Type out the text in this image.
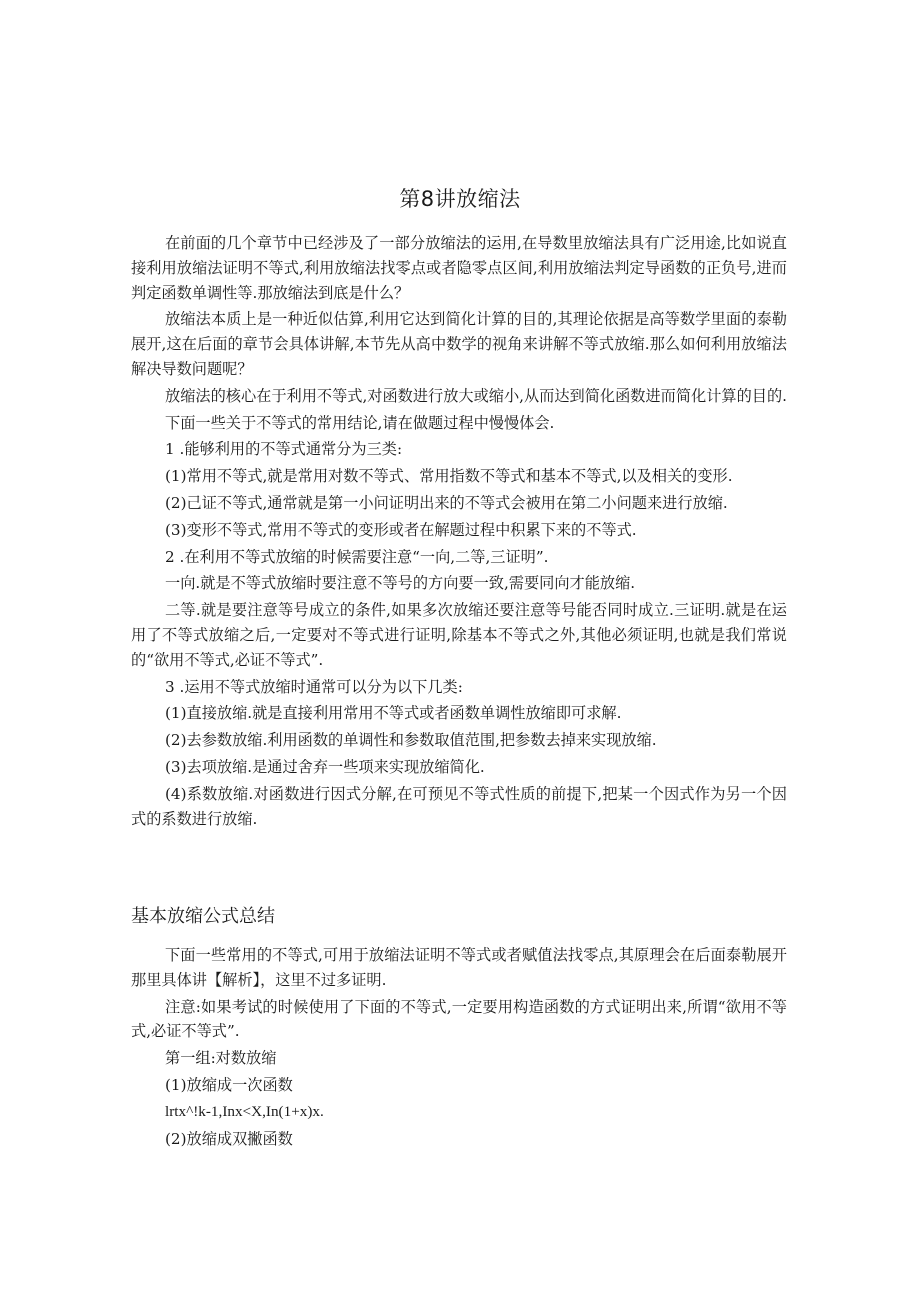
第8讲放缩法

在前面的几个章节中已经涉及了一部分放缩法的运用,在导数里放缩法具有广泛用途,比如说直接利用放缩法证明不等式,利用放缩法找零点或者隐零点区间,利用放缩法判定导函数的正负号,进而判定函数单调性等.那放缩法到底是什么？

放缩法本质上是一种近似估算,利用它达到简化计算的目的,其理论依据是高等数学里面的泰勒展开,这在后面的章节会具体讲解,本节先从高中数学的视角来讲解不等式放缩.那么如何利用放缩法解决导数问题呢？

放缩法的核心在于利用不等式,对函数进行放大或缩小,从而达到简化函数进而简化计算的目的.

下面一些关于不等式的常用结论,请在做题过程中慢慢体会.

1 .能够利用的不等式通常分为三类:

(1)常用不等式,就是常用对数不等式、常用指数不等式和基本不等式,以及相关的变形.

(2)己证不等式,通常就是第一小问证明出来的不等式会被用在第二小问题来进行放缩.

(3)变形不等式,常用不等式的变形或者在解题过程中积累下来的不等式.

2 .在利用不等式放缩的时候需要注意“一向,二等,三证明”.

一向.就是不等式放缩时要注意不等号的方向要一致,需要同向才能放缩.

二等.就是要注意等号成立的条件,如果多次放缩还要注意等号能否同时成立.三证明.就是在运用了不等式放缩之后,一定要对不等式进行证明,除基本不等式之外,其他必须证明,也就是我们常说的“欲用不等式,必证不等式”.

3 .运用不等式放缩时通常可以分为以下几类:

(1)直接放缩.就是直接利用常用不等式或者函数单调性放缩即可求解.

(2)去参数放缩.利用函数的单调性和参数取值范围,把参数去掉来实现放缩.

(3)去项放缩.是通过舍弃一些项来实现放缩简化.

(4)系数放缩.对函数进行因式分解,在可预见不等式性质的前提下,把某一个因式作为另一个因式的系数进行放缩.

基本放缩公式总结

下面一些常用的不等式,可用于放缩法证明不等式或者赋值法找零点,其原理会在后面泰勒展开那里具体讲【解析】，这里不过多证明.

注意:如果考试的时候使用了下面的不等式,一定要用构造函数的方式证明出来,所谓“欲用不等式,必证不等式”.

第一组:对数放缩

(1)放缩成一次函数

lrtx^!k-1,Inx<X,In(1+x)x.

(2)放缩成双撇函数
